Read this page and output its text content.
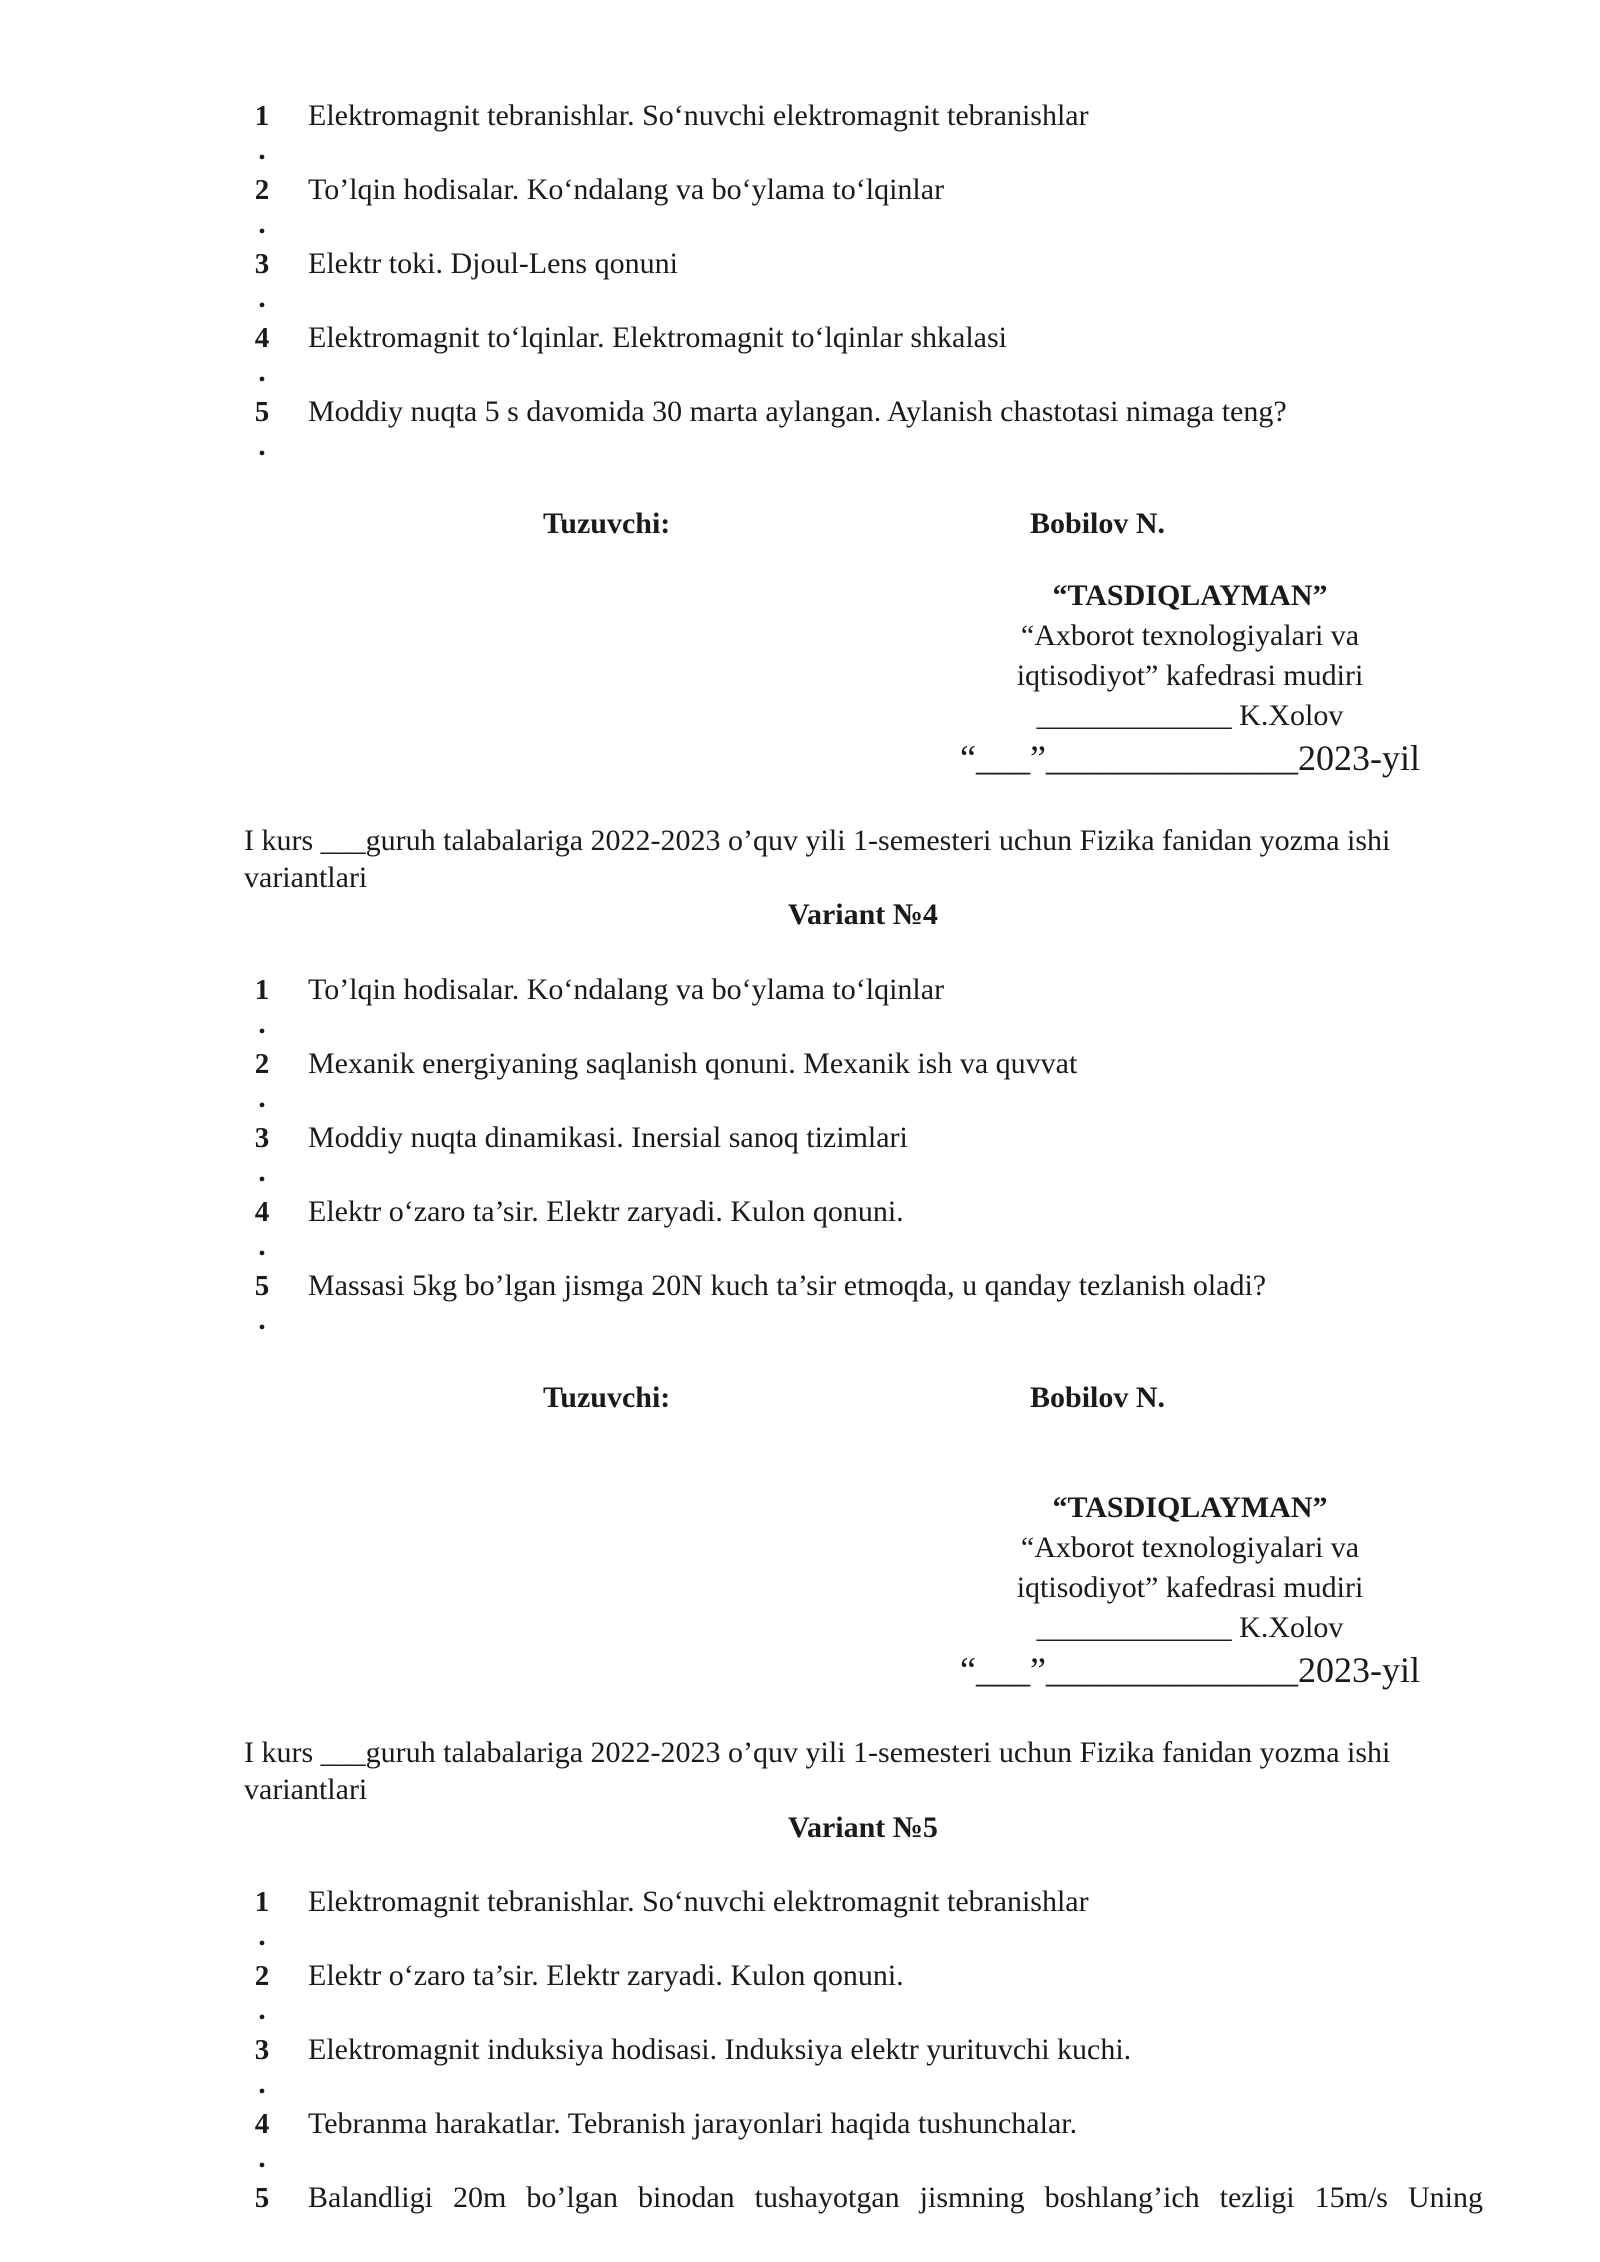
1
.
Elektromagnit tebranishlar. So‘nuvchi elektromagnit tebranishlar
2
.
To’lqin hodisalar. Ko‘ndalang va bo‘ylama to‘lqinlar
3
.
Elektr toki. Djoul-Lens qonuni
4
.
Elektromagnit to‘lqinlar. Elektromagnit to‘lqinlar shkalasi
5
.
Moddiy nuqta 5 s davomida 30 marta aylangan. Aylanish chastotasi nimaga teng?
Tuzuvchi:	Bobilov N.
“TASDIQLAYMAN”
“Axborot texnologiyalari va
iqtisodiyot” kafedrasi mudiri
_____________ K.Xolov
“___”______________2023-yil
I kurs ___guruh talabalariga 2022-2023 o’quv yili 1-semesteri uchun Fizika fanidan yozma ishi variantlari
Variant №4
1
.
To’lqin hodisalar. Ko‘ndalang va bo‘ylama to‘lqinlar
2
.
Mexanik energiyaning saqlanish qonuni. Mexanik ish va quvvat
3
.
Moddiy nuqta dinamikasi. Inersial sanoq tizimlari
4
.
Elektr o‘zaro ta’sir. Elektr zaryadi. Kulon qonuni.
5
.
Massasi 5kg bo’lgan jismga 20N kuch ta’sir etmoqda, u qanday tezlanish oladi?
Tuzuvchi:	Bobilov N.
“TASDIQLAYMAN”
“Axborot texnologiyalari va
iqtisodiyot” kafedrasi mudiri
_____________ K.Xolov
“___”______________2023-yil
I kurs ___guruh talabalariga 2022-2023 o’quv yili 1-semesteri uchun Fizika fanidan yozma ishi variantlari
Variant №5
1
.
Elektromagnit tebranishlar. So‘nuvchi elektromagnit tebranishlar
2
.
Elektr o‘zaro ta’sir. Elektr zaryadi. Kulon qonuni.
3
.
Elektromagnit induksiya hodisasi. Induksiya elektr yurituvchi kuchi.
4
.
Tebranma harakatlar. Tebranish jarayonlari haqida tushunchalar.
5 Balandligi 20m bo’lgan binodan tushayotgan jismning boshlang’ich tezligi 15m/s Uning
